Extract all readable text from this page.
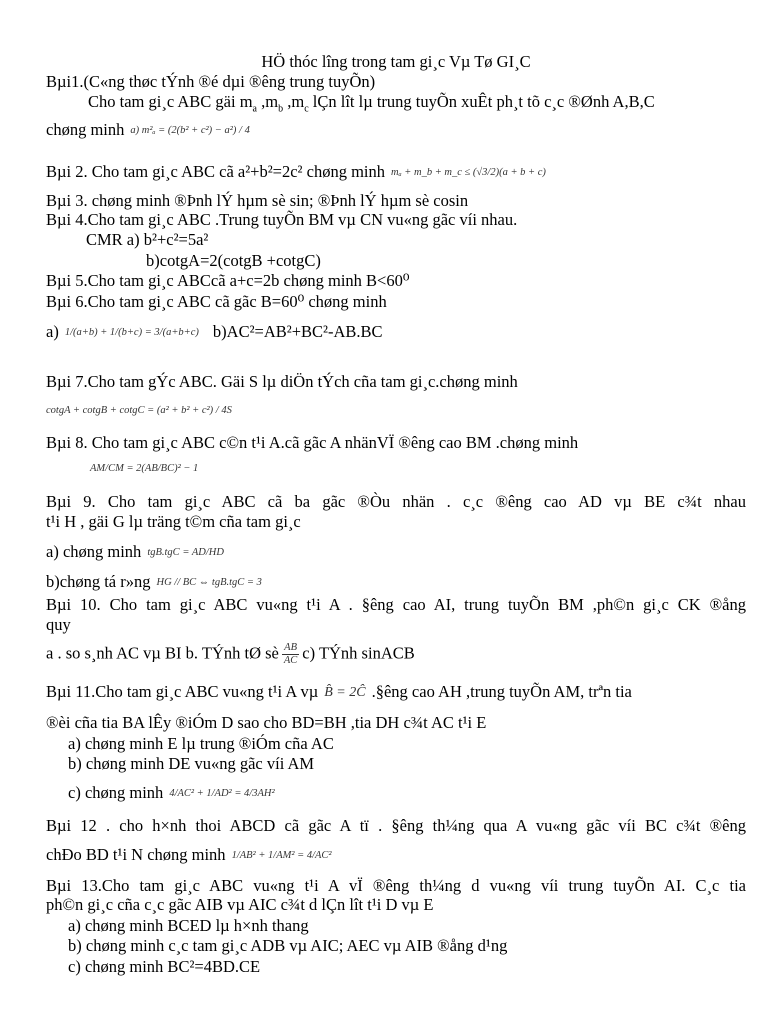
HÖ thóc lîng trong tam gi¸c Vµ Tø GI¸C
Bµi1.(C«ng thøc tÝnh ®é dµi ®êng trung tuyÕn)
Cho tam gi¸c ABC gäi $m_a$ $,m_b$ $,m_c$ lÇn lît lµ trung tuyÕn xuÊt ph¸t tõ c¸c ®Ønh A,B,C
chøng minh a) m²ₐ = (2(b² + c²) − a²) / 4
Bµi 2. Cho tam gi¸c ABC cã a²+b²=2c² chøng minh mₐ + m_b + m_c ≤ (√3/2)(a + b + c)
Bµi 3. chøng minh ®Þnh lÝ hµm sè sin; ®Þnh lÝ hµm sè cosin
Bµi 4.Cho tam gi¸c ABC .Trung tuyÕn BM vµ CN vu«ng gãc víi nhau.
CMR a) b²+c²=5a²
b)cotgA=2(cotgB +cotgC)
Bµi 5.Cho tam gi¸c ABCcã a+c=2b chøng minh B<60⁰
Bµi 6.Cho tam gi¸c ABC cã gãc B=60⁰ chøng minh
a) 1/(a+b) + 1/(b+c) = 3/(a+b+c) b)AC²=AB²+BC²-AB.BC
Bµi 7.Cho tam gÝc ABC. Gäi S lµ diÖn tÝch cña tam gi¸c.chøng minh
cotgA + cotgB + cotgC = (a² + b² + c²) / 4S
Bµi 8. Cho tam gi¸c ABC c©n t¹i A.cã gãc A nhänVÏ ®êng cao BM .chøng minh
AM/CM = 2(AB/BC)² − 1
Bµi 9. Cho tam gi¸c ABC cã ba gãc ®Òu nhän . c¸c ®êng cao AD vµ BE c¾t nhau
t¹i H , gäi G lµ träng t©m cña tam gi¸c
a) chøng minh tgB.tgC = AD/HD
b)chøng tá r»ng HG // BC ⇔ tgB.tgC = 3
Bµi 10. Cho tam gi¸c ABC vu«ng t¹i A . §êng cao AI, trung tuyÕn BM ,ph©n gi¸c CK ®ång
quy
a . so s¸nh AC vµ BI b. TÝnh tØ sè $\frac{AB}{AC} c$) TÝnh sinACB
Bµi 11.Cho tam gi¸c ABC vu«ng t¹i A vµ B̂ = 2Ĉ .§êng cao AH ,trung tuyÕn AM, trªn tia
®èi cña tia BA lÊy ®iÓm D sao cho BD=BH ,tia DH c¾t AC t¹i E
a) chøng minh E lµ trung ®iÓm cña AC
b) chøng minh DE vu«ng gãc víi AM
c) chøng minh 4/AC² + 1/AD² = 4/3AH²
Bµi 12 . cho h×nh thoi ABCD cã gãc A tï . §êng th¼ng qua A vu«ng gãc víi BC c¾t ®êng
chÐo BD t¹i N chøng minh 1/AB² + 1/AM² = 4/AC²
Bµi 13.Cho tam gi¸c ABC vu«ng t¹i A vÏ ®êng th¼ng d vu«ng víi trung tuyÕn AI. C¸c tia
ph©n gi¸c cña c¸c gãc AIB vµ AIC c¾t d lÇn lît t¹i D vµ E
a) chøng minh BCED lµ h×nh thang
b) chøng minh c¸c tam gi¸c ADB vµ AIC; AEC vµ AIB ®ång d¹ng
c) chøng minh BC²=4BD.CE
